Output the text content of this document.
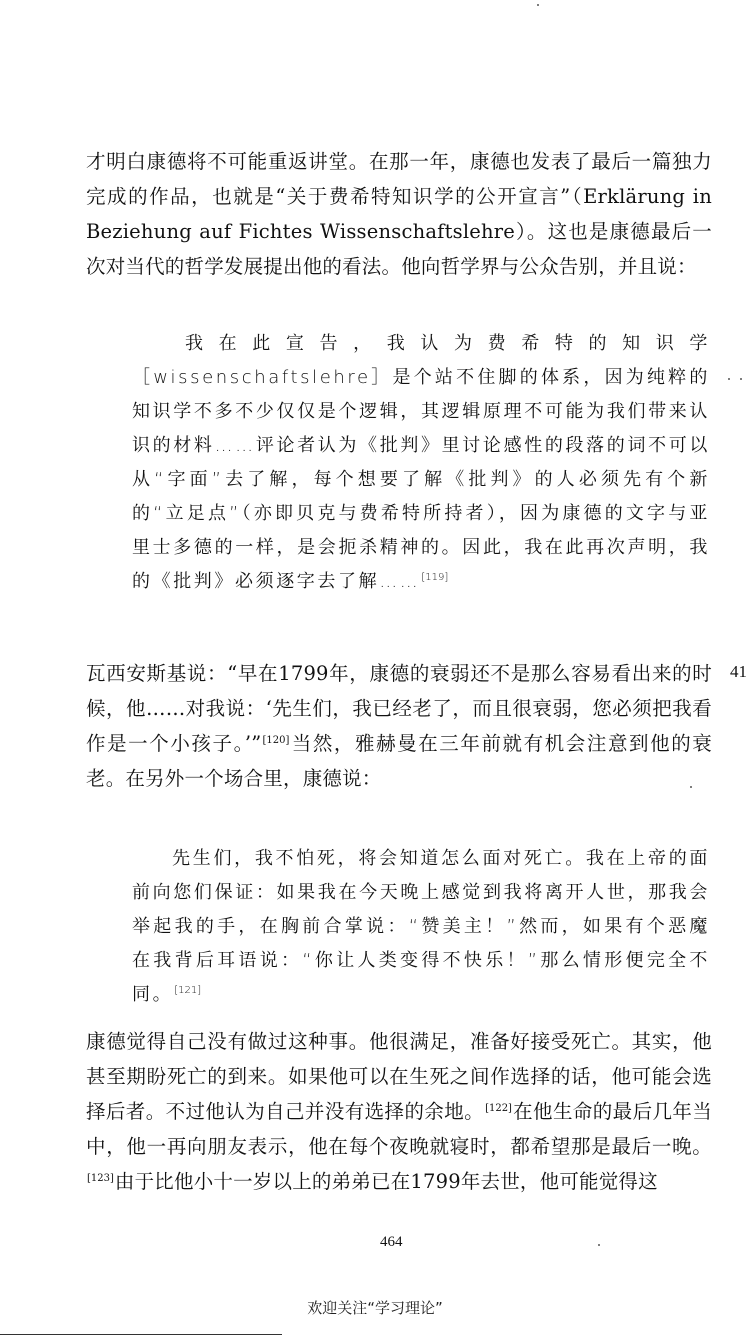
才明白康德将不可能重返讲堂。在那一年，康德也发表了最后一篇独力完成的作品，也就是“关于费希特知识学的公开宣言”（Erklärung in Beziehung auf Fichtes Wissenschaftslehre）。这也是康德最后一次对当代的哲学发展提出他的看法。他向哲学界与公众告别，并且说：

我在此宣告，我认为费希特的知识学［wissenschaftslehre］是个站不住脚的体系，因为纯粹的知识学不多不少仅仅是个逻辑，其逻辑原理不可能为我们带来认识的材料……评论者认为《批判》里讨论感性的段落的词不可以从“字面”去了解，每个想要了解《批判》的人必须先有个新的“立足点”（亦即贝克与费希特所持者），因为康德的文字与亚里士多德的一样，是会扼杀精神的。因此，我在此再次声明，我的《批判》必须逐字去了解……[119]

瓦西安斯基说：“早在1799年，康德的衰弱还不是那么容易看出来的时候，他……对我说：‘先生们，我已经老了，而且很衰弱，您必须把我看作是一个小孩子。’”[120]当然，雅赫曼在三年前就有机会注意到他的衰老。在另外一个场合里，康德说：

先生们，我不怕死，将会知道怎么面对死亡。我在上帝的面前向您们保证：如果我在今天晚上感觉到我将离开人世，那我会举起我的手，在胸前合掌说：“赞美主！”然而，如果有个恶魔在我背后耳语说：“你让人类变得不快乐！”那么情形便完全不同。[121]

康德觉得自己没有做过这种事。他很满足，准备好接受死亡。其实，他甚至期盼死亡的到来。如果他可以在生死之间作选择的话，他可能会选择后者。不过他认为自己并没有选择的余地。[122]在他生命的最后几年当中，他一再向朋友表示，他在每个夜晚就寝时，都希望那是最后一晚。[123]由于比他小十一岁以上的弟弟已在1799年去世，他可能觉得这

41
464
欢迎关注“学习理论”
